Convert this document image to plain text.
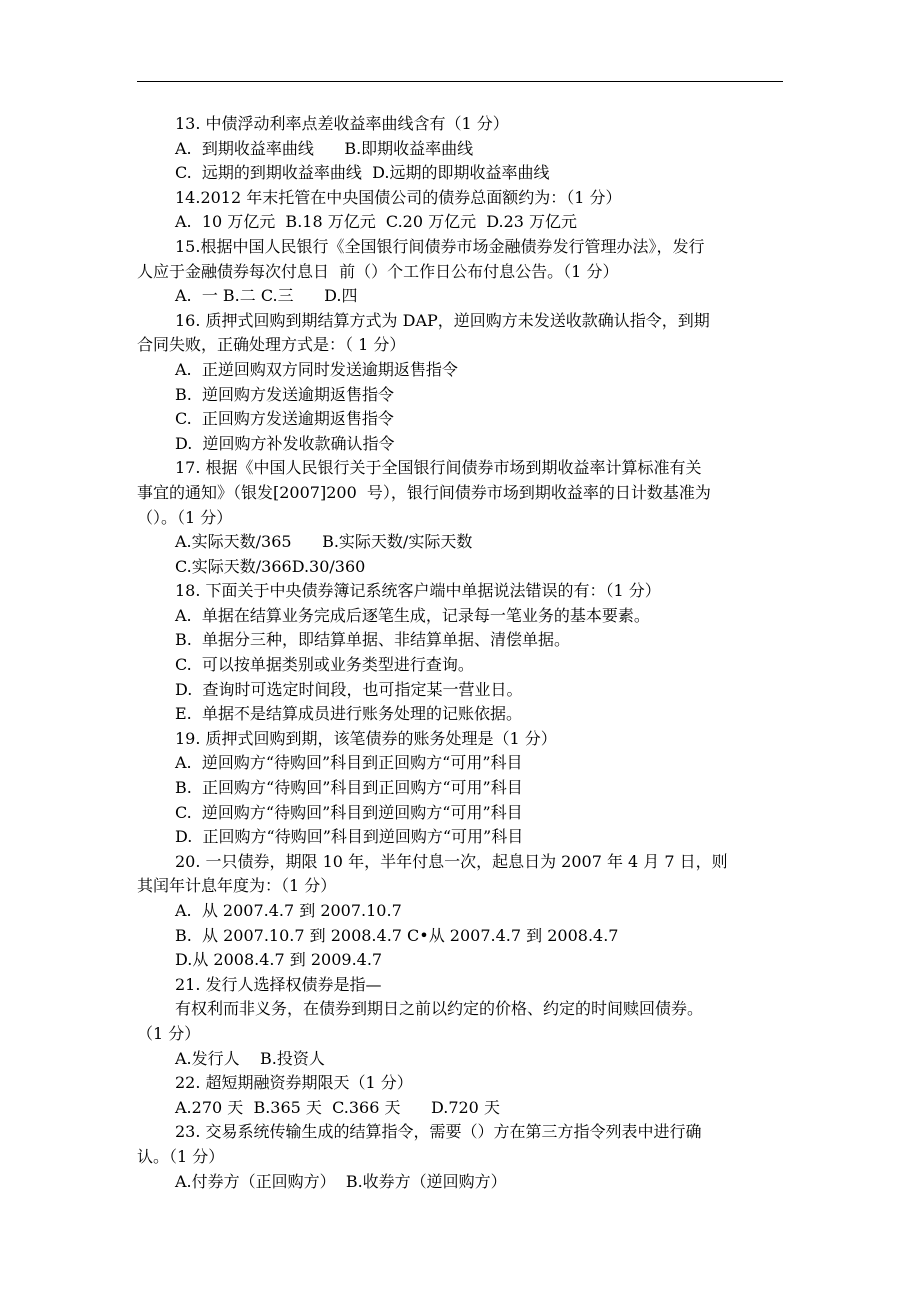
13. 中债浮动利率点差收益率曲线含有（1 分）

A.  到期收益率曲线      B.即期收益率曲线

C.  远期的到期收益率曲线  D.远期的即期收益率曲线

14.2012 年末托管在中央国债公司的债券总面额约为：（1 分）

A.  10 万亿元  B.18 万亿元  C.20 万亿元  D.23 万亿元

15.根据中国人民银行《全国银行间债券市场金融债券发行管理办法》，发行

人应于金融债券每次付息日  前（）个工作日公布付息公告。（1 分）

A.  一 B.二 C.三      D.四

16. 质押式回购到期结算方式为 DAP，逆回购方未发送收款确认指令，到期

合同失败，正确处理方式是：（ 1 分）

A.  正逆回购双方同时发送逾期返售指令

B.  逆回购方发送逾期返售指令

C.  正回购方发送逾期返售指令

D.  逆回购方补发收款确认指令

17. 根据《中国人民银行关于全国银行间债券市场到期收益率计算标准有关

事宜的通知》（银发[2007]200  号），银行间债券市场到期收益率的日计数基准为

（）。（1 分）

A.实际天数/365      B.实际天数/实际天数

C.实际天数/366D.30/360

18. 下面关于中央债券簿记系统客户端中单据说法错误的有：（1 分）

A.  单据在结算业务完成后逐笔生成，记录每一笔业务的基本要素。

B.  单据分三种，即结算单据、非结算单据、清偿单据。

C.  可以按单据类别或业务类型进行查询。

D.  查询时可选定时间段，也可指定某一营业日。

E.  单据不是结算成员进行账务处理的记账依据。

19. 质押式回购到期，该笔债券的账务处理是（1 分）

A.  逆回购方“待购回”科目到正回购方“可用”科目

B.  正回购方“待购回”科目到正回购方“可用”科目

C.  逆回购方“待购回”科目到逆回购方“可用”科目

D.  正回购方“待购回”科目到逆回购方“可用”科目

20. 一只债券，期限 10 年，半年付息一次，起息日为 2007 年 4 月 7 日，则

其闰年计息年度为：（1 分）

A.  从 2007.4.7 到 2007.10.7

B.  从 2007.10.7 到 2008.4.7 C•从 2007.4.7 到 2008.4.7

D.从 2008.4.7 到 2009.4.7

21. 发行人选择权债券是指—

有权利而非义务，在债券到期日之前以约定的价格、约定的时间赎回债券。

（1 分）

A.发行人    B.投资人

22. 超短期融资券期限天（1 分）

A.270 天  B.365 天  C.366 天      D.720 天

23. 交易系统传输生成的结算指令，需要（）方在第三方指令列表中进行确

认。（1 分）

A.付券方（正回购方）  B.收券方（逆回购方）
